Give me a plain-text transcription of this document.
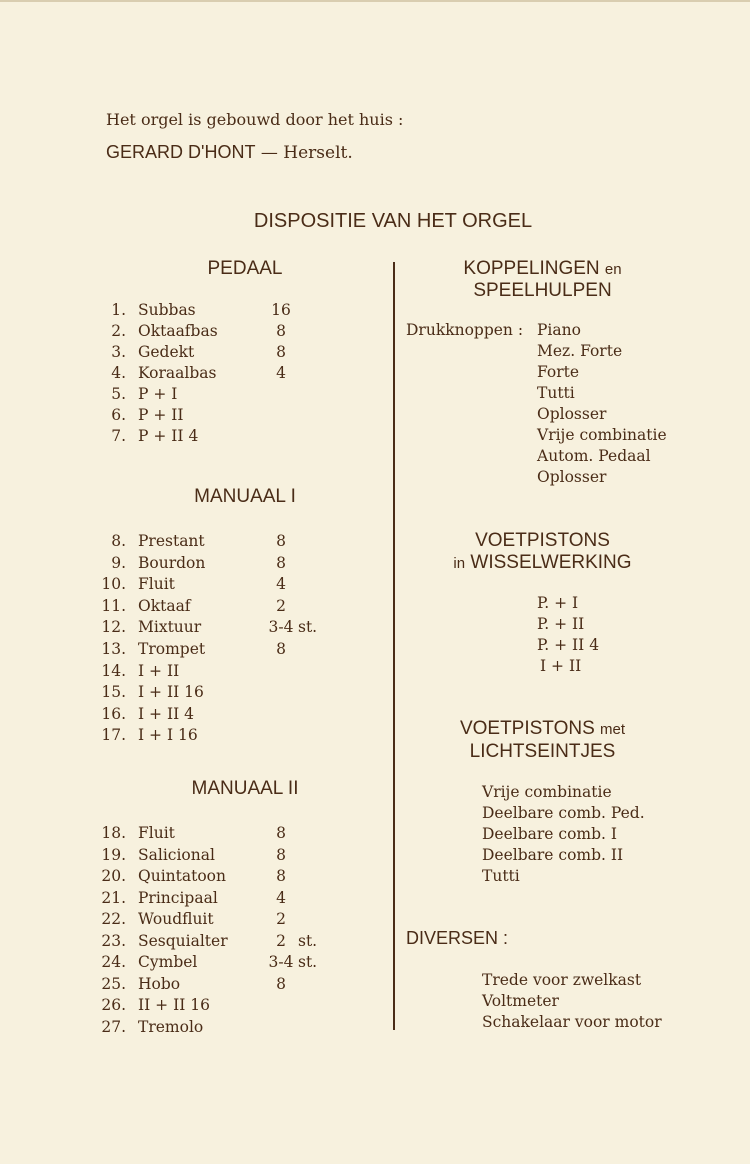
Het orgel is gebouwd door het huis :
GERARD D'HONT — Herselt.
DISPOSITIE VAN HET ORGEL
PEDAAL
1. Subbas	16
2. Oktaafbas	8
3. Gedekt	8
4. Koraalbas	4
5. P + I
6. P + II
7. P + II 4
MANUAAL I
8. Prestant	8
9. Bourdon	8
10. Fluit	4
11. Oktaaf	2
12. Mixtuur	3-4 st.
13. Trompet	8
14. I + II
15. I + II 16
16. I + II 4
17. I + I 16
MANUAAL II
18. Fluit	8
19. Salicional	8
20. Quintatoon	8
21. Principaal	4
22. Woudfluit	2
23. Sesquialter	2 st.
24. Cymbel	3-4 st.
25. Hobo	8
26. II + II 16
27. Tremolo
KOPPELINGEN en
SPEELHULPEN
Drukknoppen : Piano
Mez. Forte
Forte
Tutti
Oplosser
Vrije combinatie
Autom. Pedaal
Oplosser
VOETPISTONS
in WISSELWERKING
P. + I
P. + II
P. + II 4
I + II
VOETPISTONS met
LICHTSEINTJES
Vrije combinatie
Deelbare comb. Ped.
Deelbare comb. I
Deelbare comb. II
Tutti
DIVERSEN :
Trede voor zwelkast
Voltmeter
Schakelaar voor motor
